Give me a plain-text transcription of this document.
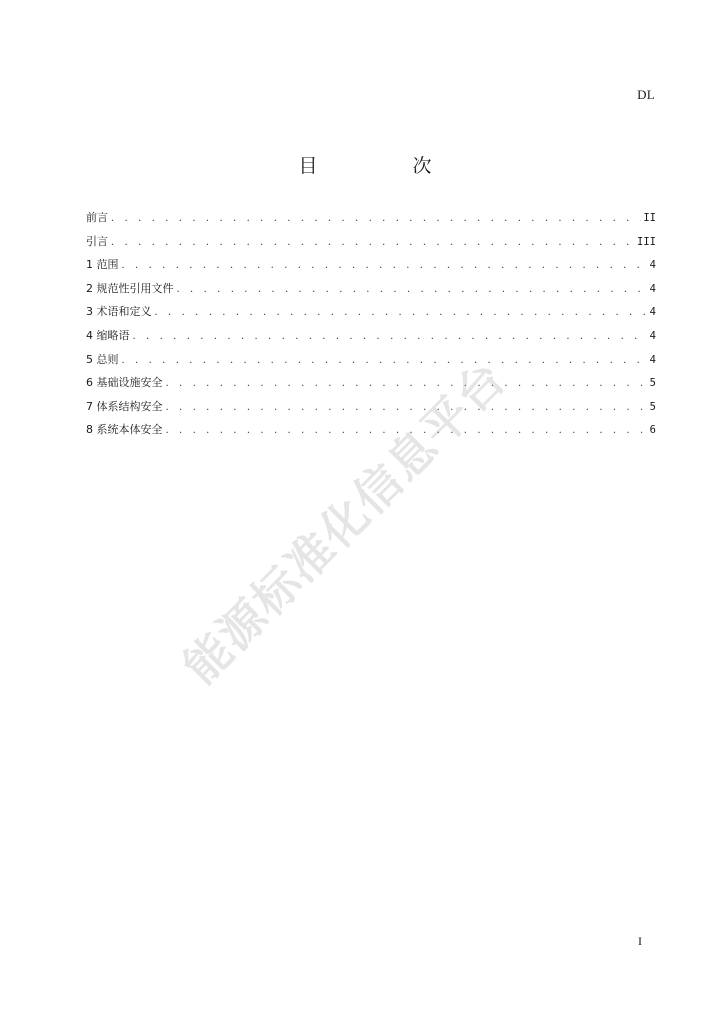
DL
目　次
前言 . . .	II
引言 . . .	III
1 范围 . . .	4
2 规范性引用文件 . . .	4
3 术语和定义 . . .	4
4 缩略语 . . .	4
5 总则 . . .	4
6 基础设施安全 . . .	5
7 体系结构安全 . . .	5
8 系统本体安全 . . .	6
能源标准化信息平台
I
